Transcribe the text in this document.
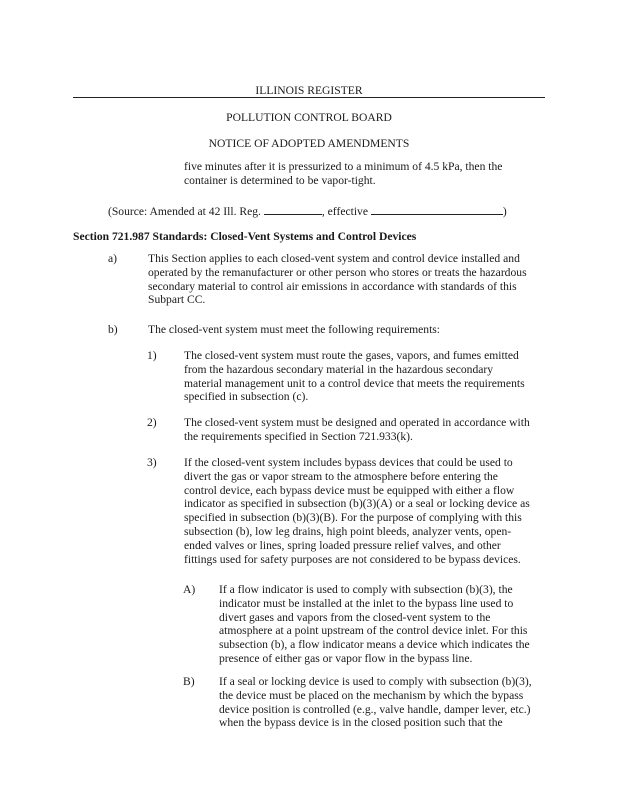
ILLINOIS REGISTER
POLLUTION CONTROL BOARD
NOTICE OF ADOPTED AMENDMENTS
five minutes after it is pressurized to a minimum of 4.5 kPa, then the
container is determined to be vapor-tight.
(Source: Amended at 42 Ill. Reg.	, effective	)
Section 721.987 Standards: Closed-Vent Systems and Control Devices
a)	This Section applies to each closed-vent system and control device installed and
operated by the remanufacturer or other person who stores or treats the hazardous
secondary material to control air emissions in accordance with standards of this
Subpart CC.
b)	The closed-vent system must meet the following requirements:
1) The closed-vent system must route the gases, vapors, and fumes emitted
from the hazardous secondary material in the hazardous secondary
material management unit to a control device that meets the requirements
specified in subsection (c).
2) The closed-vent system must be designed and operated in accordance with
the requirements specified in Section 721.933(k).
3) If the closed-vent system includes bypass devices that could be used to
divert the gas or vapor stream to the atmosphere before entering the
control device, each bypass device must be equipped with either a flow
indicator as specified in subsection (b)(3)(A) or a seal or locking device as
specified in subsection (b)(3)(B). For the purpose of complying with this
subsection (b), low leg drains, high point bleeds, analyzer vents, open-
ended valves or lines, spring loaded pressure relief valves, and other
fittings used for safety purposes are not considered to be bypass devices.
A) If a flow indicator is used to comply with subsection (b)(3), the
indicator must be installed at the inlet to the bypass line used to
divert gases and vapors from the closed-vent system to the
atmosphere at a point upstream of the control device inlet. For this
subsection (b), a flow indicator means a device which indicates the
presence of either gas or vapor flow in the bypass line.
B) If a seal or locking device is used to comply with subsection (b)(3),
the device must be placed on the mechanism by which the bypass
device position is controlled (e.g., valve handle, damper lever, etc.)
when the bypass device is in the closed position such that the
